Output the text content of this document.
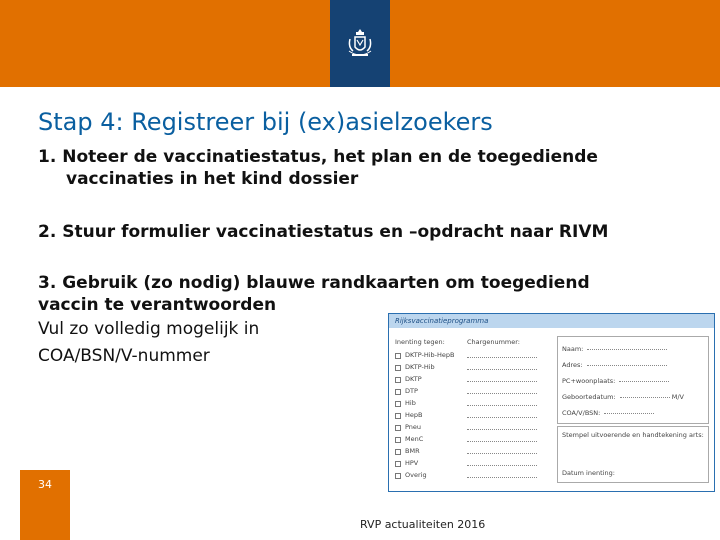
Stap 4: Registreer bij (ex)asielzoekers
1. Noteer de vaccinatiestatus, het plan en de toegediende
vaccinaties in het kind dossier
2. Stuur formulier vaccinatiestatus en –opdracht naar RIVM
3. Gebruik (zo nodig) blauwe randkaarten om toegediend
vaccin te verantwoorden
Vul zo volledig mogelijk in
COA/BSN/V-nummer
Rijksvaccinatieprogramma
Inenting tegen:	Chargenummer:
DKTP-Hib-HepB
DKTP-Hib
DKTP
DTP
Hib
HepB
Pneu
MenC
BMR
HPV
Overig
Naam:
Adres:
PC+woonplaats:
Geboortedatum:	M/V
COA/V/BSN:
Stempel uitvoerende en handtekening arts:
Datum inenting:
34
RVP actualiteiten 2016
